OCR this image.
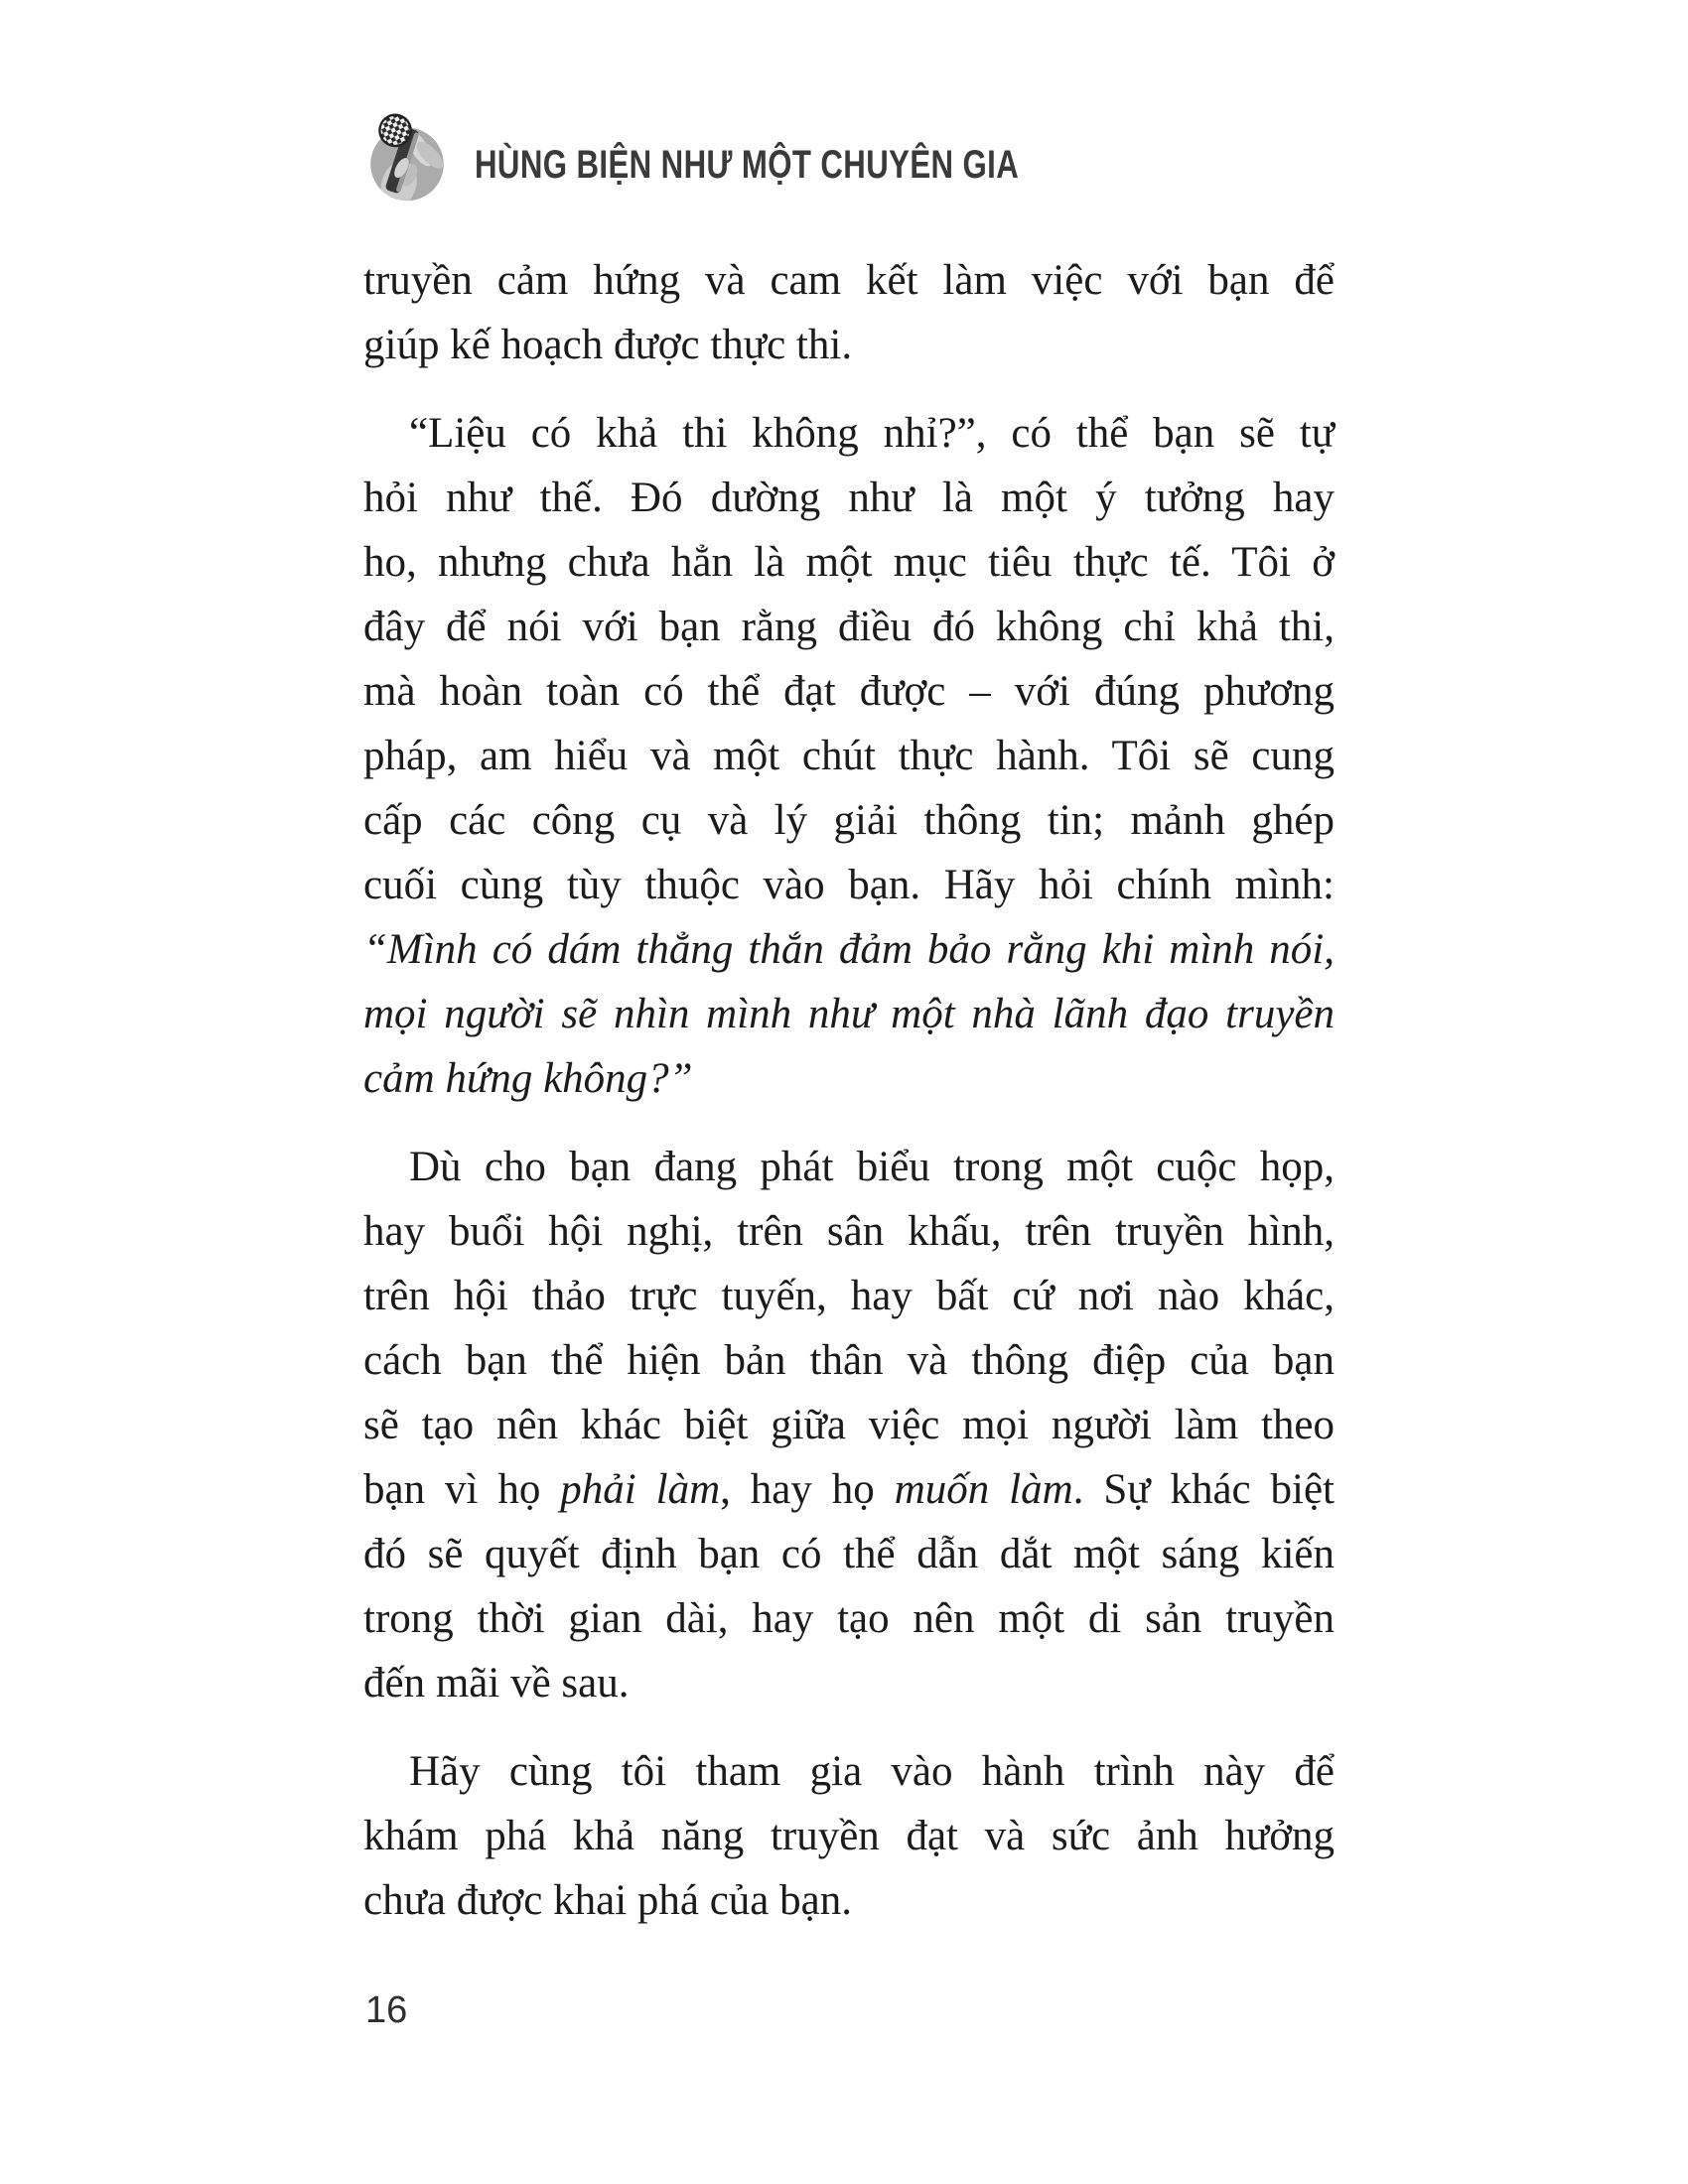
HÙNG BIỆN NHƯ MỘT CHUYÊN GIA
truyền cảm hứng và cam kết làm việc với bạn để
giúp kế hoạch được thực thi.
“Liệu có khả thi không nhỉ?”, có thể bạn sẽ tự
hỏi như thế. Đó dường như là một ý tưởng hay
ho, nhưng chưa hẳn là một mục tiêu thực tế. Tôi ở
đây để nói với bạn rằng điều đó không chỉ khả thi,
mà hoàn toàn có thể đạt được – với đúng phương
pháp, am hiểu và một chút thực hành. Tôi sẽ cung
cấp các công cụ và lý giải thông tin; mảnh ghép
cuối cùng tùy thuộc vào bạn. Hãy hỏi chính mình:
“Mình có dám thẳng thắn đảm bảo rằng khi mình nói,
mọi người sẽ nhìn mình như một nhà lãnh đạo truyền
cảm hứng không?”
Dù cho bạn đang phát biểu trong một cuộc họp,
hay buổi hội nghị, trên sân khấu, trên truyền hình,
trên hội thảo trực tuyến, hay bất cứ nơi nào khác,
cách bạn thể hiện bản thân và thông điệp của bạn
sẽ tạo nên khác biệt giữa việc mọi người làm theo
bạn vì họ phải làm, hay họ muốn làm. Sự khác biệt
đó sẽ quyết định bạn có thể dẫn dắt một sáng kiến
trong thời gian dài, hay tạo nên một di sản truyền
đến mãi về sau.
Hãy cùng tôi tham gia vào hành trình này để
khám phá khả năng truyền đạt và sức ảnh hưởng
chưa được khai phá của bạn.
16
